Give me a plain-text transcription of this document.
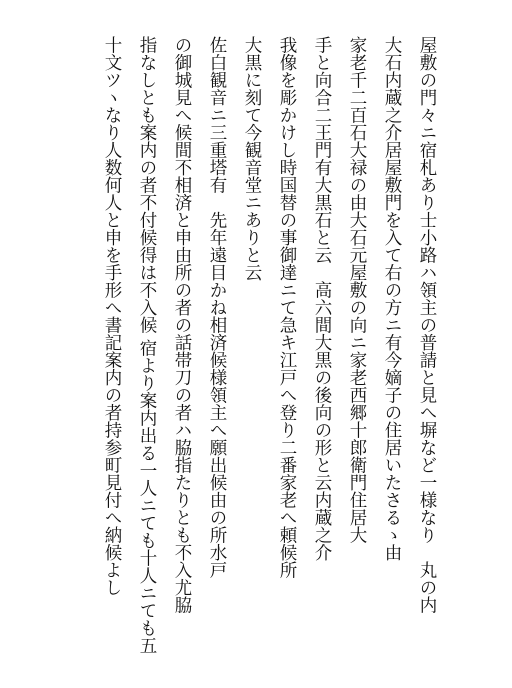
屋敷の門々ニ宿札あり士小路ハ領主の普請と見へ塀など一様なり　丸の内
大石内蔵之介居屋敷門を入て右の方ニ有今嫡子の住居いたさるゝ由
家老千二百石大禄の由大石元屋敷の向ニ家老西郷十郎衛門住居大
手と向合二王門有大黒石と云　高六間大黒の後向の形と云内蔵之介
我像を彫かけし時国替の事御達ニて急キ江戸へ登り二番家老へ頼候所
大黒に刻て今観音堂ニありと云
佐白観音ニ三重塔有　先年遠目かね相済候様領主へ願出候由の所水戸
の御城見へ候間不相済と申由所の者の話帯刀の者ハ脇指たりとも不入尤脇
指なしとも案内の者不付候得は不入候 宿より案内出る一人ニても十人ニても五
十文ツヽなり人数何人と申を手形へ書記案内の者持参町見付へ納候よし
